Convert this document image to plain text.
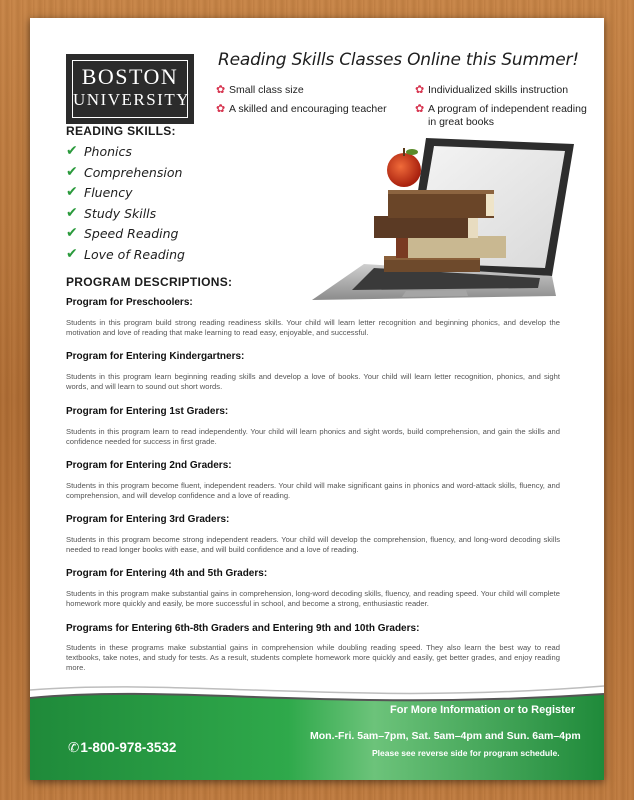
BOSTON
UNIVERSITY
Reading Skills Classes Online this Summer!
✿ Small class size
✿ A skilled and encouraging teacher
✿ Individualized skills instruction
✿ A program of independent reading in great books
READING SKILLS:
✔ Phonics
✔ Comprehension
✔ Fluency
✔ Study Skills
✔ Speed Reading
✔ Love of Reading
PROGRAM DESCRIPTIONS:
Program for Preschoolers:

Students in this program build strong reading readiness skills. Your child will learn letter recognition and beginning phonics, and develop the motivation and love of reading that make learning to read easy, enjoyable, and successful.

Program for Entering Kindergartners:

Students in this program learn beginning reading skills and develop a love of books. Your child will learn letter recognition, phonics, and sight words, and will learn to sound out short words.

Program for Entering 1st Graders:

Students in this program learn to read independently. Your child will learn phonics and sight words, build comprehension, and gain the skills and confidence needed for success in first grade.

Program for Entering 2nd Graders:

Students in this program become fluent, independent readers. Your child will make significant gains in phonics and word-attack skills, fluency, and comprehension, and will develop confidence and a love of reading.

Program for Entering 3rd Graders:

Students in this program become strong independent readers. Your child will develop the comprehension, fluency, and long-word decoding skills needed to read longer books with ease, and will build confidence and a love of reading.

Program for Entering 4th and 5th Graders:

Students in this program make substantial gains in comprehension, long-word decoding skills, fluency, and reading speed. Your child will complete homework more quickly and easily, be more successful in school, and become a strong, enthusiastic reader.

Programs for Entering 6th-8th Graders and Entering 9th and 10th Graders:

Students in these programs make substantial gains in comprehension while doubling reading speed. They also learn the best way to read textbooks, take notes, and study for tests. As a result, students complete homework more quickly and easily, get better grades, and enjoy reading more.

✆1-800-978-3532
For More Information or to Register
Mon.-Fri. 5am–7pm, Sat. 5am–4pm and Sun. 6am–4pm
Please see reverse side for program schedule.
